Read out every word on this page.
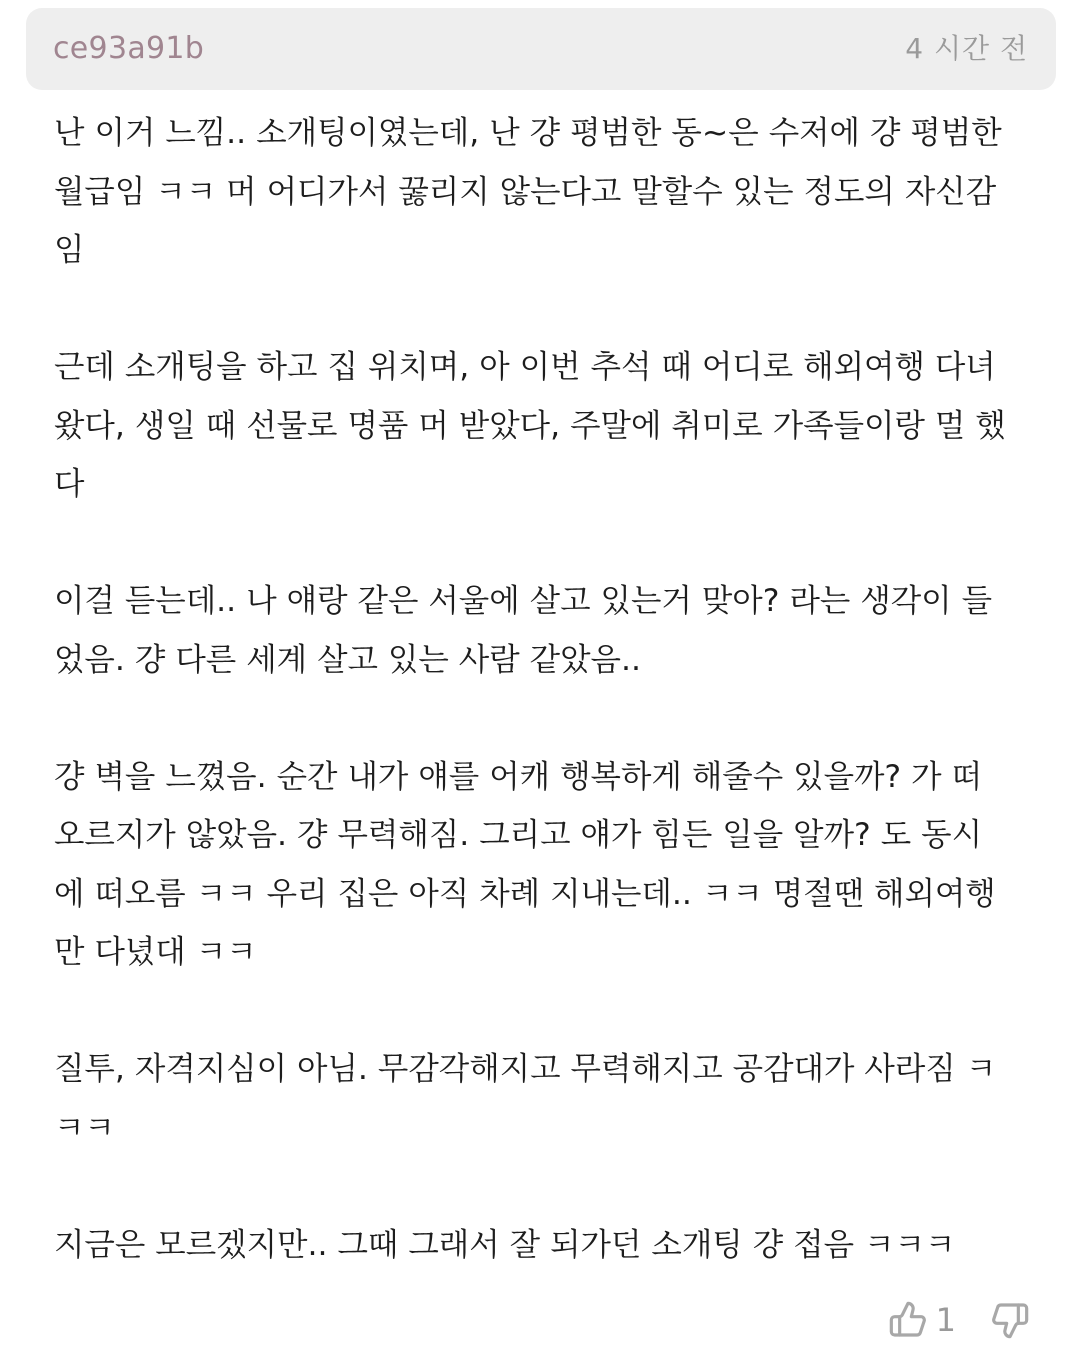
ce93a91b	4 시간 전

난 이거 느낌.. 소개팅이였는데, 난 걍 평범한 동~은 수저에 걍 평범한
월급임 ㅋㅋ 머 어디가서 꿇리지 않는다고 말할수 있는 정도의 자신감
임

근데 소개팅을 하고 집 위치며, 아 이번 추석 때 어디로 해외여행 다녀
왔다, 생일 때 선물로 명품 머 받았다, 주말에 취미로 가족들이랑 멀 했
다

이걸 듣는데.. 나 얘랑 같은 서울에 살고 있는거 맞아? 라는 생각이 들
었음. 걍 다른 세계 살고 있는 사람 같았음..

걍 벽을 느꼈음. 순간 내가 얘를 어캐 행복하게 해줄수 있을까? 가 떠
오르지가 않았음. 걍 무력해짐. 그리고 얘가 힘든 일을 알까? 도 동시
에 떠오름 ㅋㅋ 우리 집은 아직 차례 지내는데.. ㅋㅋ 명절땐 해외여행
만 다녔대 ㅋㅋ

질투, 자격지심이 아님. 무감각해지고 무력해지고 공감대가 사라짐 ㅋ
ㅋㅋ

지금은 모르겠지만.. 그때 그래서 잘 되가던 소개팅 걍 접음 ㅋㅋㅋ

1
